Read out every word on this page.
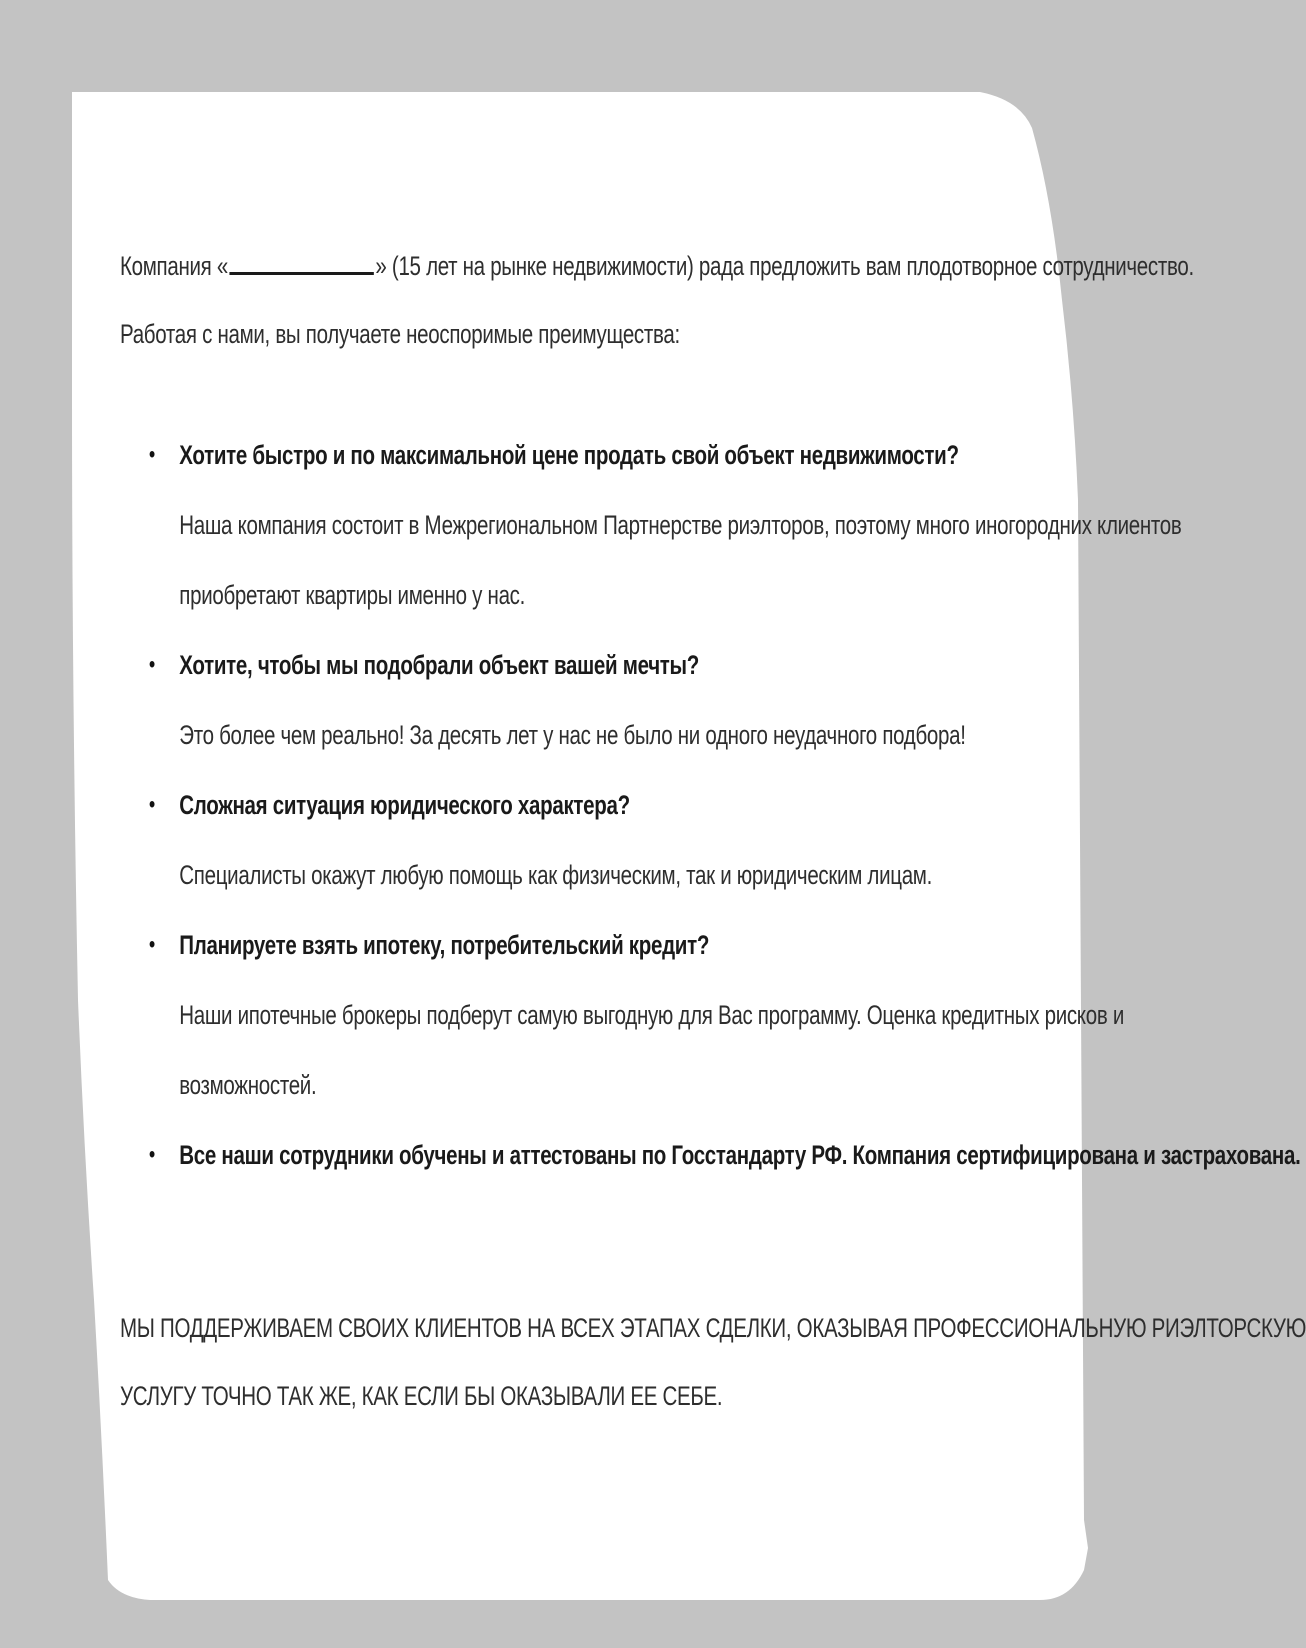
Компания «	» (15 лет на рынке недвижимости) рада предложить вам плодотворное сотрудничество.
Работая с нами, вы получаете неоспоримые преимущества:
• Хотите быстро и по максимальной цене продать свой объект недвижимости?
Наша компания состоит в Межрегиональном Партнерстве риэлторов, поэтому много иногородних клиентов
приобретают квартиры именно у нас.
• Хотите, чтобы мы подобрали объект вашей мечты?
Это более чем реально! За десять лет у нас не было ни одного неудачного подбора!
• Сложная ситуация юридического характера?
Специалисты окажут любую помощь как физическим, так и юридическим лицам.
• Планируете взять ипотеку, потребительский кредит?
Наши ипотечные брокеры подберут самую выгодную для Вас программу. Оценка кредитных рисков и
возможностей.
• Все наши сотрудники обучены и аттестованы по Госстандарту РФ. Компания сертифицирована и застрахована.
МЫ ПОДДЕРЖИВАЕМ СВОИХ КЛИЕНТОВ НА ВСЕХ ЭТАПАХ СДЕЛКИ, ОКАЗЫВАЯ ПРОФЕССИОНАЛЬНУЮ РИЭЛТОРСКУЮ
УСЛУГУ ТОЧНО ТАК ЖЕ, КАК ЕСЛИ БЫ ОКАЗЫВАЛИ ЕЕ СЕБЕ.
